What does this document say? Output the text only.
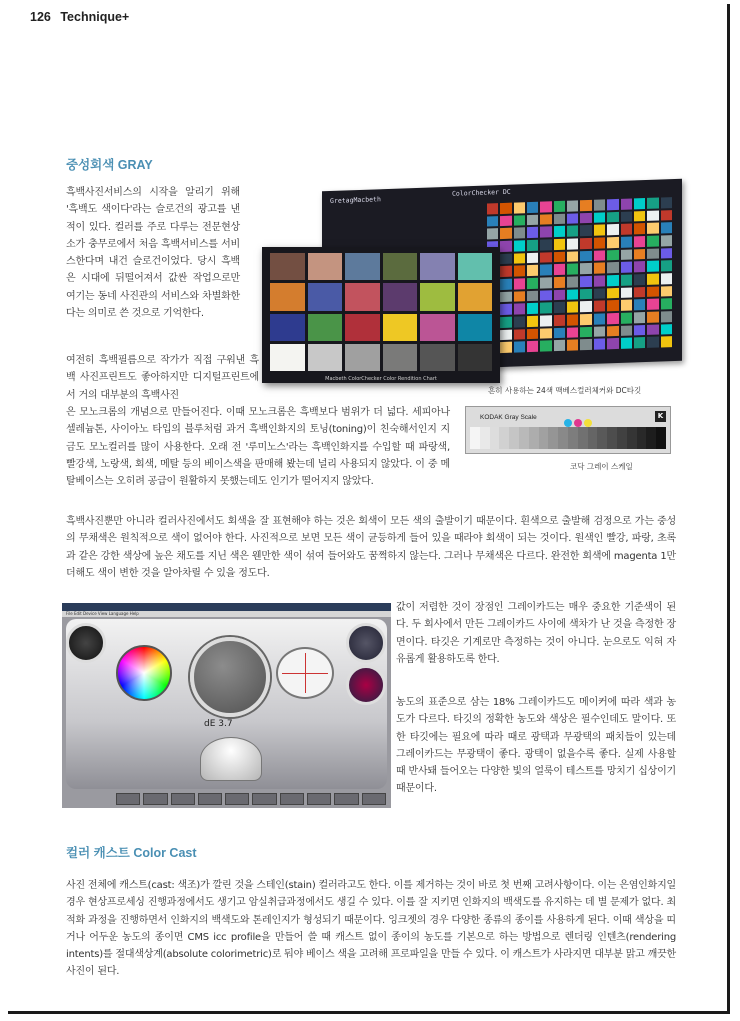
126 Technique+
중성회색 GRAY

흑백사진서비스의 시작을 알리기 위해 '흑백도 색이다'라는 슬로건의 광고를 낸 적이 있다. 컬러를 주로 다루는 전문현상소가 충무로에서 처음 흑백서비스를 서비스한다며 내건 슬로건이었다. 당시 흑백은 시대에 뒤떨어져서 값싼 작업으로만 여기는 동네 사진관의 서비스와 차별화한다는 의미로 쓴 것으로 기억한다.

여전히 흑백필름으로 작가가 직접 구워낸 흑백 사진프린트도 좋아하지만 디지털프린트에서 거의 대부분의 흑백사진

은 모노크롬의 개념으로 만들어진다. 이때 모노크롬은 흑백보다 범위가 더 넓다. 세피아나 셀레늄톤, 사이아노 타입의 블루처럼 과거 흑백인화지의 토닝(toning)이 친숙해서인지 지금도 모노컬러를 많이 사용한다. 오래 전 '루미노스'라는 흑백인화지를 수입할 때 파랑색, 빨강색, 노랑색, 회색, 메탈 등의 베이스색을 판매해 봤는데 널리 사용되지 않았다. 이 중 메탈베이스는 오히려 공급이 원활하지 못했는데도 인기가 떨어지지 않았다.

GretagMacbeth
ColorChecker DC
Macbeth ColorChecker Color Rendition Chart
흔히 사용하는 24색 맥베스컬러체커와 DC타깃
KODAK Gray Scale	K
코닥 그레이 스케일

흑백사진뿐만 아니라 컬러사진에서도 회색을 잘 표현해야 하는 것은 회색이 모든 색의 출발이기 때문이다. 흰색으로 출발해 검정으로 가는 중성의 무채색은 원칙적으로 색이 없어야 한다. 사진적으로 보면 모든 색이 균등하게 들어 있을 때라야 회색이 되는 것이다. 원색인 빨강, 파랑, 초록과 같은 강한 색상에 높은 채도를 지닌 색은 웬만한 색이 섞여 들어와도 꿈쩍하지 않는다. 그러나 무채색은 다르다. 완전한 회색에 magenta 1만 더해도 색이 변한 것을 알아차릴 수 있을 정도다.

File Edit Device View Language Help
dE 3.7

값이 저렴한 것이 장점인 그레이카드는 매우 중요한 기준색이 된다. 두 회사에서 만든 그레이카드 사이에 색차가 난 것을 측정한 장면이다. 타깃은 기계로만 측정하는 것이 아니다. 눈으로도 익혀 자유롭게 활용하도록 한다.

농도의 표준으로 삼는 18% 그레이카드도 메이커에 따라 색과 농도가 다르다. 타깃의 정확한 농도와 색상은 필수인데도 말이다. 또한 타깃에는 필요에 따라 때로 광택과 무광택의 패치들이 있는데 그레이카드는 무광택이 좋다. 광택이 없을수록 좋다. 실제 사용할 때 반사돼 들어오는 다양한 빛의 얼룩이 테스트를 망치기 십상이기 때문이다.

컬러 캐스트 Color Cast

사진 전체에 캐스트(cast: 색조)가 깔린 것을 스테인(stain) 컬러라고도 한다. 이를 제거하는 것이 바로 첫 번째 고려사항이다. 이는 은염인화지일 경우 현상프로세싱 진행과정에서도 생기고 암실취급과정에서도 생길 수 있다. 이를 잘 지키면 인화지의 백색도를 유지하는 데 별 문제가 없다. 최적화 과정을 진행하면서 인화지의 백색도와 톤레인지가 형성되기 때문이다. 잉크젯의 경우 다양한 종류의 종이를 사용하게 된다. 이때 색상을 띠거나 어두운 농도의 종이면 CMS icc profile을 만들어 쓸 때 캐스트 없이 종이의 농도를 기본으로 하는 방법으로 렌더링 인텐츠(rendering intents)를 절대색상계(absolute colorimetric)로 둬야 베이스 색을 고려해 프로파일을 만들 수 있다. 이 캐스트가 사라지면 대부분 맑고 깨끗한 사진이 된다.
